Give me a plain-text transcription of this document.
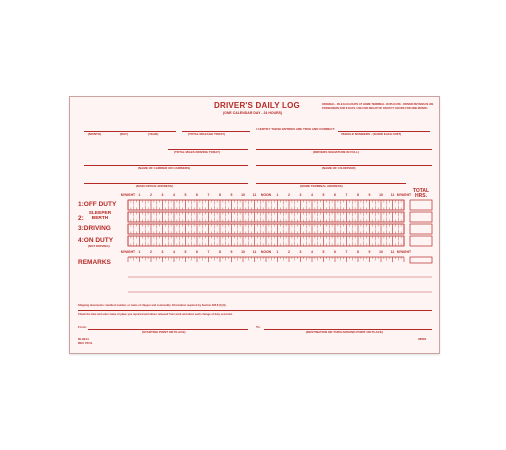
DRIVER'S DAILY LOG
(ONE CALENDAR DAY - 24 HOURS)
ORIGINAL - FILE EACH DATE AT HOME TERMINAL. DUPLICATE - DRIVER RETAINS IN HIS POSSESSION FOR 8 DAYS. USE FOR RECAP OF ON DUTY HOURS FOR ONE MONTH.
(MONTH)	(DAY)	(YEAR)	(TOTAL MILEAGE TODAY)
I CERTIFY THESE ENTRIES ARE TRUE AND CORRECT:
VEHICLE NUMBERS - (SHOW EACH UNIT)
(TOTAL MILES DRIVING TODAY)	(DRIVERS SIGNATURE IN FULL)
(NAME OF CARRIER OR CARRIERS)	(NAME OF CO-DRIVER)
(MAIN OFFICE ADDRESS)	(HOME TERMINAL ADDRESS)
1:OFF DUTY
2:
SLEEPER BERTH
3:DRIVING
4:ON DUTY
(NOT DRIVING)
REMARKS
TOTAL HRS.
Shipping documents: manifest number, or name of shipper and commodity. Information required by Section 395.8 (f) (6).
Check the time and enter name of place you reported and where released from work and when each change of duty occurred.
From:
(STARTING POINT OR PLACE)
To:
(DESTINATION OR TURN AROUND POINT OR PLACE)
DL9914
REV 07/11
#8081
M'NIGHT 1	2	3	4	5	6	7	8	9	10 11 NOON 1	2	3	4	5	6	7	8	9	10 11 M'NIGHT
M'NIGHT 1	2	3	4	5	6	7	8	9	10 11 NOON 1	2	3	4	5	6	7	8	9	10 11 M'NIGHT
